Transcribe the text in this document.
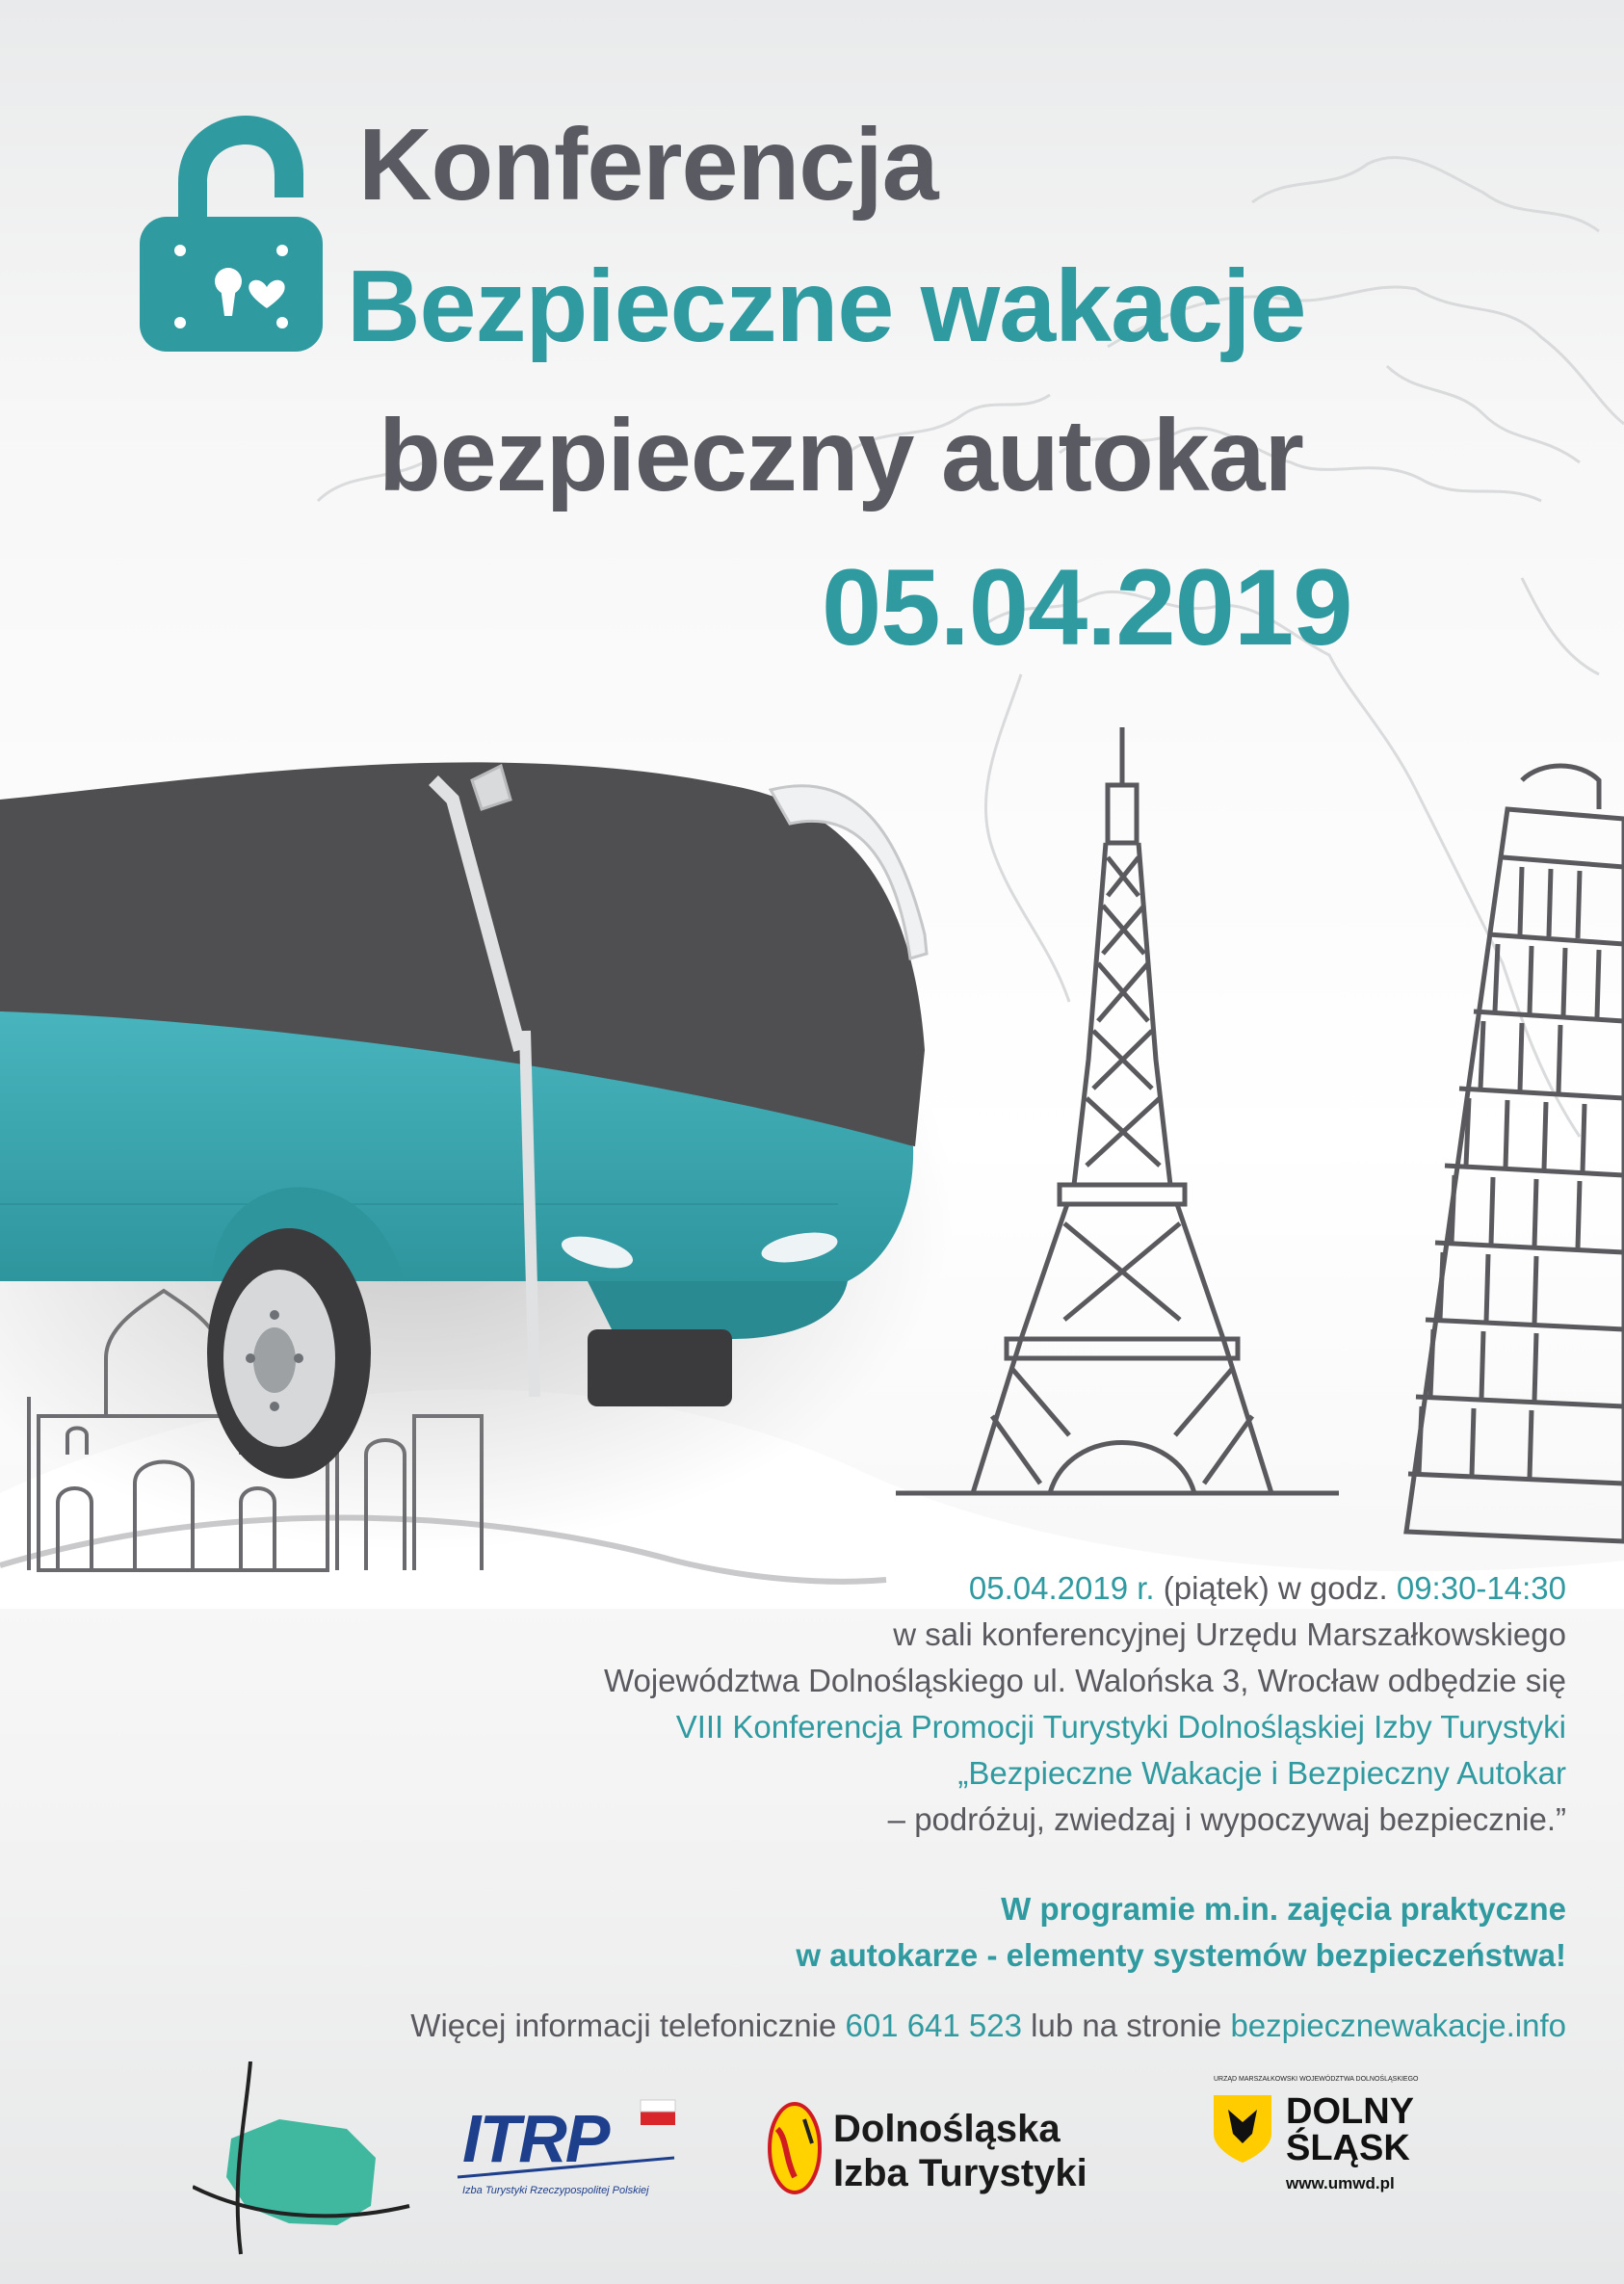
Konferencja
Bezpieczne wakacje
bezpieczny autokar
05.04.2019
05.04.2019 r. (piątek) w godz. 09:30-14:30
w sali konferencyjnej Urzędu Marszałkowskiego
Województwa Dolnośląskiego ul. Walońska 3, Wrocław odbędzie się
VIII Konferencja Promocji Turystyki Dolnośląskiej Izby Turystyki
„Bezpieczne Wakacje i Bezpieczny Autokar
– podróżuj, zwiedzaj i wypoczywaj bezpiecznie.”
W programie m.in. zajęcia praktyczne
w autokarze - elementy systemów bezpieczeństwa!
Więcej informacji telefonicznie 601 641 523 lub na stronie bezpiecznewakacje.info
ITRP
Izba Turystyki Rzeczypospolitej Polskiej
Dolnośląska
Izba Turystyki
URZĄD MARSZAŁKOWSKI WOJEWÓDZTWA DOLNOŚLĄSKIEGO
DOLNY
ŚLĄSK
www.umwd.pl
